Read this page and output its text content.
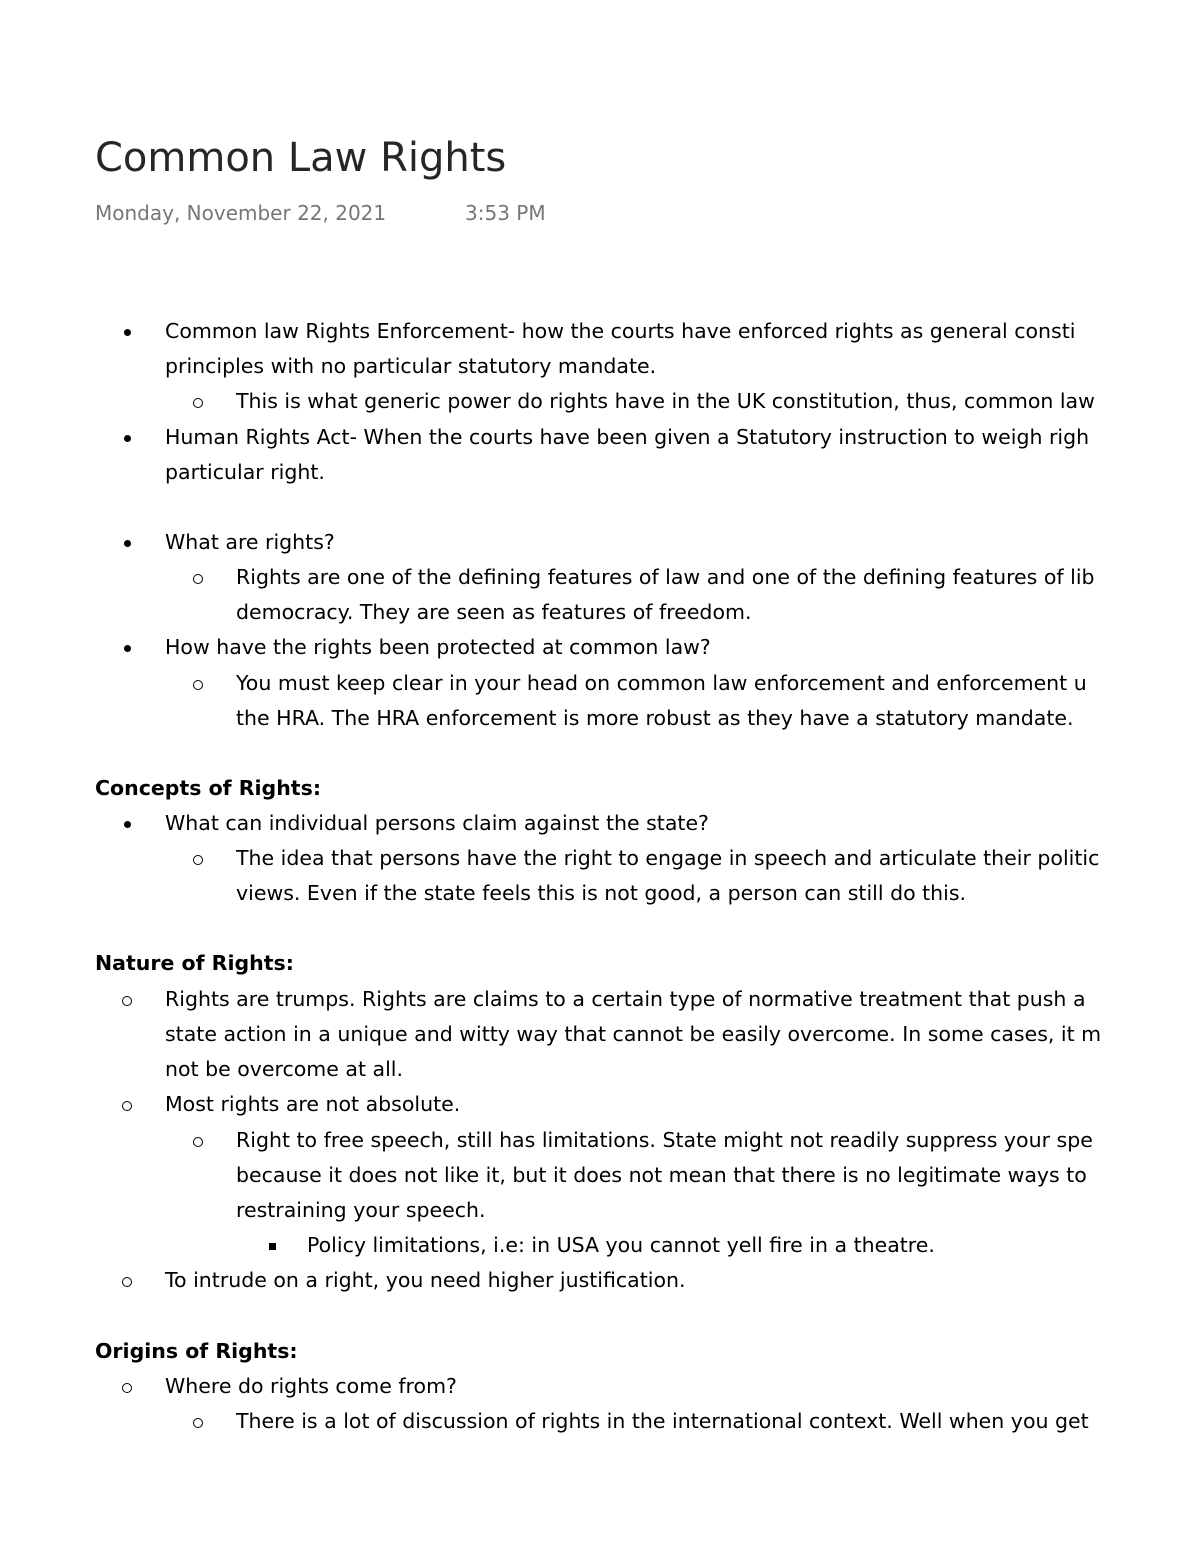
Common Law Rights
Monday, November 22, 2021	3:53 PM
Common law Rights Enforcement- how the courts have enforced rights as general consti
principles with no particular statutory mandate.
This is what generic power do rights have in the UK constitution, thus, common law
Human Rights Act- When the courts have been given a Statutory instruction to weigh righ
particular right.
What are rights?
Rights are one of the defining features of law and one of the defining features of lib
democracy. They are seen as features of freedom.
How have the rights been protected at common law?
You must keep clear in your head on common law enforcement and enforcement u
the HRA. The HRA enforcement is more robust as they have a statutory mandate.
Concepts of Rights:
What can individual persons claim against the state?
The idea that persons have the right to engage in speech and articulate their politic
views. Even if the state feels this is not good, a person can still do this.
Nature of Rights:
Rights are trumps. Rights are claims to a certain type of normative treatment that push a
state action in a unique and witty way that cannot be easily overcome. In some cases, it m
not be overcome at all.
Most rights are not absolute.
Right to free speech, still has limitations. State might not readily suppress your spe
because it does not like it, but it does not mean that there is no legitimate ways to
restraining your speech.
Policy limitations, i.e: in USA you cannot yell fire in a theatre.
To intrude on a right, you need higher justification.
Origins of Rights:
Where do rights come from?
There is a lot of discussion of rights in the international context. Well when you get
